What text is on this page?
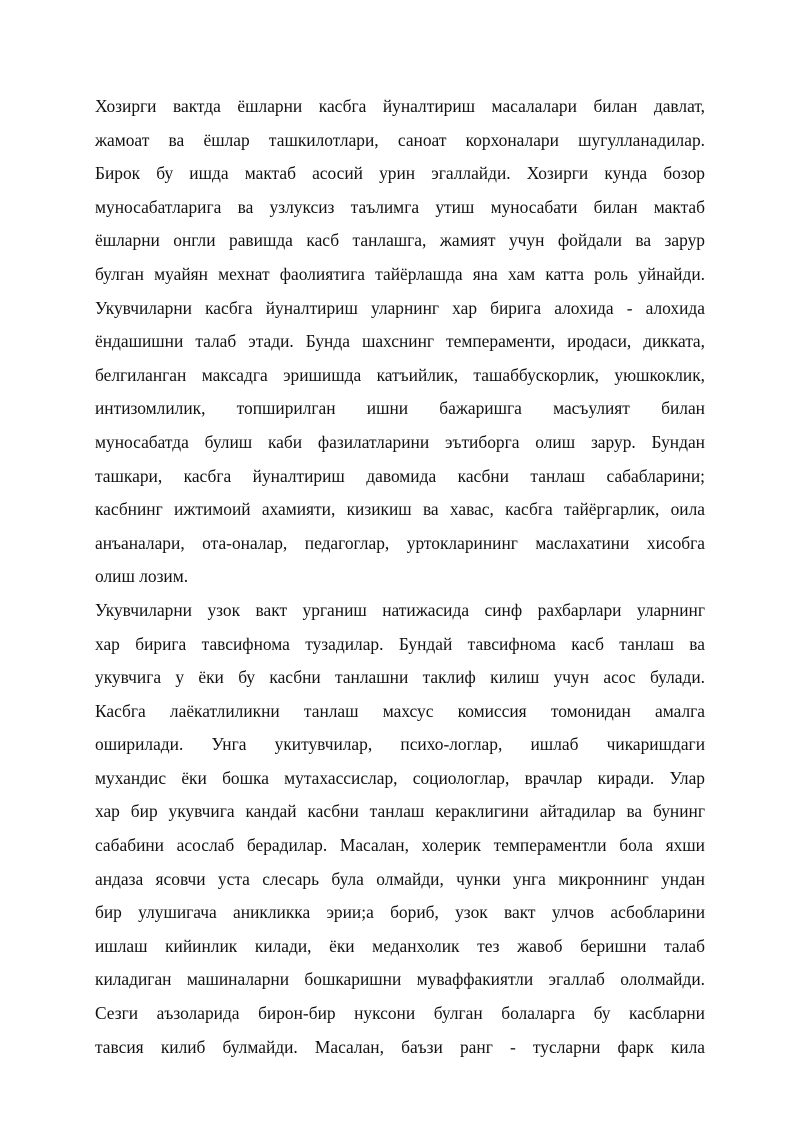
Хозирги вактда ёшларни касбга йуналтириш масалалари билан давлат,
жамоат ва ёшлар ташкилотлари, саноат корхоналари шугулланадилар.
Бирок бу ишда мактаб асосий урин эгаллайди. Хозирги кунда бозор
муносабатларига ва узлуксиз таълимга утиш муносабати билан мактаб
ёшларни онгли равишда касб танлашга, жамият учун фойдали ва зарур
булган муайян мехнат фаолиятига тайёрлашда яна хам катта роль уйнайди.
Укувчиларни касбга йуналтириш уларнинг хар бирига алохида - алохида
ёндашишни талаб этади. Бунда шахснинг темпераменти, иродаси, диккатa,
белгиланган максадга эришишда катъийлик, ташаббускорлик, уюшкоклик,
интизомлилик, топширилган ишни бажаришга масъулият билан
муносабатда булиш каби фазилатларини эътиборга олиш зарур. Бундан
ташкари, касбга йуналтириш давомида касбни танлаш сабабларини;
касбнинг ижтимоий ахамияти, кизикиш ва хавас, касбга тайёргарлик, оила
анъаналари, ота-оналар, педагоглар, уртокларининг маслахатини хисобга
олиш лозим.
Укувчиларни узок вакт урганиш натижасида синф рахбарлари уларнинг
хар бирига тавсифнома тузадилар. Бундай тавсифнома касб танлаш ва
укувчига у ёки бу касбни танлашни таклиф килиш учун асос булади.
Касбга лаёкатлиликни танлаш махсус комиссия томонидан амалга
оширилади. Унга укитувчилар, психо-логлар, ишлаб чикаришдаги
мухандис ёки бошка мутахассислар, социологлар, врачлар киради. Улар
хар бир укувчига кандай касбни танлаш кераклигини айтадилар ва бунинг
сабабини асослаб берадилар. Масалан, холерик темпераментли бола яхши
андаза ясовчи уста слесарь була олмайди, чунки унга микроннинг ундан
бир улушигача аникликка эрии;а бориб, узок вакт улчов асбобларини
ишлаш кийинлик килади, ёки меданхолик тез жавоб беришни талаб
киладиган машиналарни бошкаришни муваффакиятли эгаллаб ололмайди.
Сезги аъзоларида бирон-бир нуксони булган болаларга бу касбларни
тавсия килиб булмайди. Масалан, баъзи ранг - тусларни фарк кила
